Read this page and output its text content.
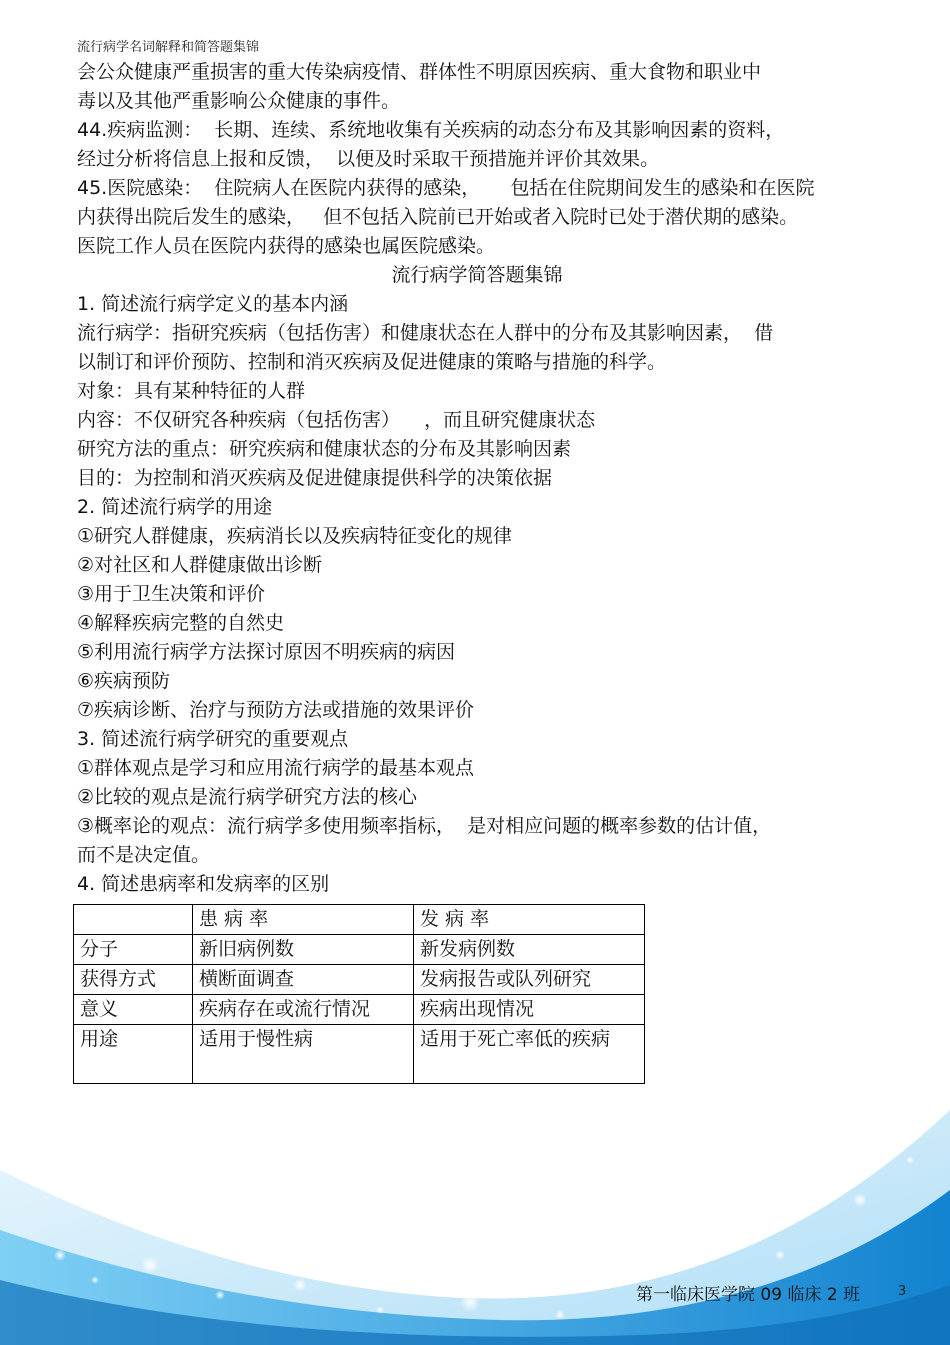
流行病学名词解释和简答题集锦

会公众健康严重损害的重大传染病疫情、群体性不明原因疾病、重大食物和职业中

毒以及其他严重影响公众健康的事件。

44.疾病监测：  长期、连续、系统地收集有关疾病的动态分布及其影响因素的资料，

经过分析将信息上报和反馈，  以便及时采取干预措施并评价其效果。

45.医院感染：  住院病人在医院内获得的感染，     包括在住院期间发生的感染和在医院

内获得出院后发生的感染，   但不包括入院前已开始或者入院时已处于潜伏期的感染。

医院工作人员在医院内获得的感染也属医院感染。

流行病学简答题集锦

1. 简述流行病学定义的基本内涵

流行病学：指研究疾病（包括伤害）和健康状态在人群中的分布及其影响因素，  借

以制订和评价预防、控制和消灭疾病及促进健康的策略与措施的科学。

对象：具有某种特征的人群

内容：不仅研究各种疾病（包括伤害）    ，而且研究健康状态

研究方法的重点：研究疾病和健康状态的分布及其影响因素

目的：为控制和消灭疾病及促进健康提供科学的决策依据

2. 简述流行病学的用途

①研究人群健康，疾病消长以及疾病特征变化的规律

②对社区和人群健康做出诊断

③用于卫生决策和评价

④解释疾病完整的自然史

⑤利用流行病学方法探讨原因不明疾病的病因

⑥疾病预防

⑦疾病诊断、治疗与预防方法或措施的效果评价

3. 简述流行病学研究的重要观点

①群体观点是学习和应用流行病学的最基本观点

②比较的观点是流行病学研究方法的核心

③概率论的观点：流行病学多使用频率指标，  是对相应问题的概率参数的估计值，

而不是决定值。

4. 简述患病率和发病率的区别

	患 病 率	发 病 率
分子	新旧病例数	新发病例数
获得方式	横断面调查	发病报告或队列研究
意义	疾病存在或流行情况	疾病出现情况
用途	适用于慢性病	适用于死亡率低的疾病
第一临床医学院 09 临床 2 班	3
